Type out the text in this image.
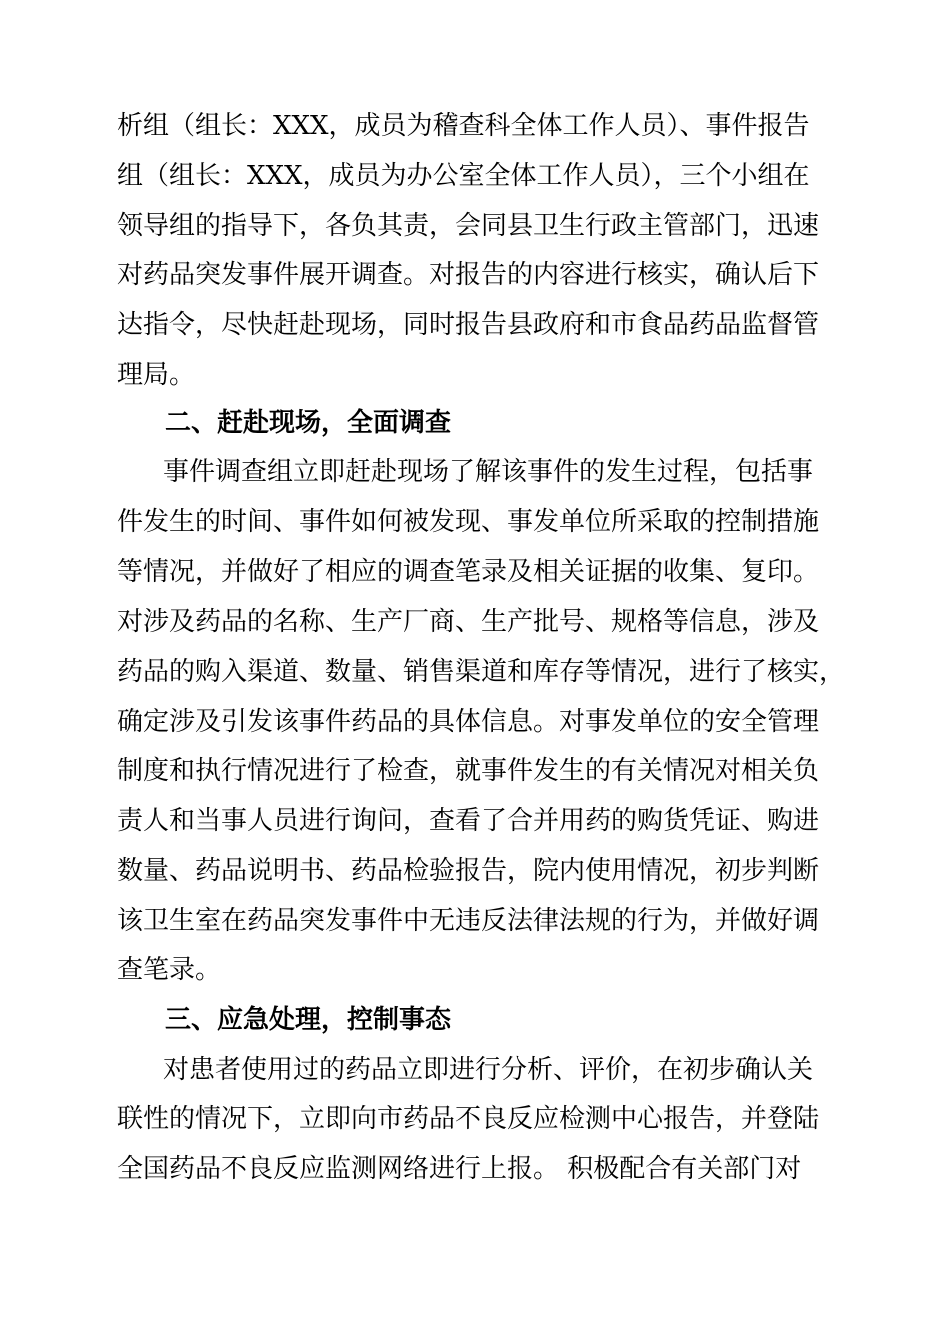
析组（组长：XXX，成员为稽查科全体工作人员）、事件报告
组（组长：XXX，成员为办公室全体工作人员），三个小组在
领导组的指导下，各负其责，会同县卫生行政主管部门，迅速
对药品突发事件展开调查。对报告的内容进行核实，确认后下
达指令，尽快赶赴现场，同时报告县政府和市食品药品监督管
理局。
二、赶赴现场，全面调查
事件调查组立即赶赴现场了解该事件的发生过程，包括事
件发生的时间、事件如何被发现、事发单位所采取的控制措施
等情况，并做好了相应的调查笔录及相关证据的收集、复印。
对涉及药品的名称、生产厂商、生产批号、规格等信息，涉及
药品的购入渠道、数量、销售渠道和库存等情况，进行了核实，
确定涉及引发该事件药品的具体信息。对事发单位的安全管理
制度和执行情况进行了检查，就事件发生的有关情况对相关负
责人和当事人员进行询问，查看了合并用药的购货凭证、购进
数量、药品说明书、药品检验报告，院内使用情况，初步判断
该卫生室在药品突发事件中无违反法律法规的行为，并做好调
查笔录。
三、应急处理，控制事态
对患者使用过的药品立即进行分析、评价，在初步确认关
联性的情况下，立即向市药品不良反应检测中心报告，并登陆
全国药品不良反应监测网络进行上报。 积极配合有关部门对
